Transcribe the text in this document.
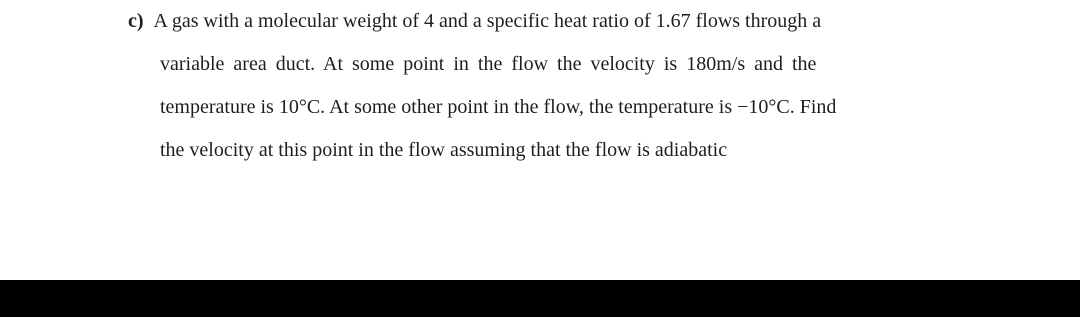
c) A gas with a molecular weight of 4 and a specific heat ratio of 1.67 flows through a
variable area duct. At some point in the flow the velocity is 180m/s and the
temperature is 10°C. At some other point in the flow, the temperature is −10°C. Find
the velocity at this point in the flow assuming that the flow is adiabatic
